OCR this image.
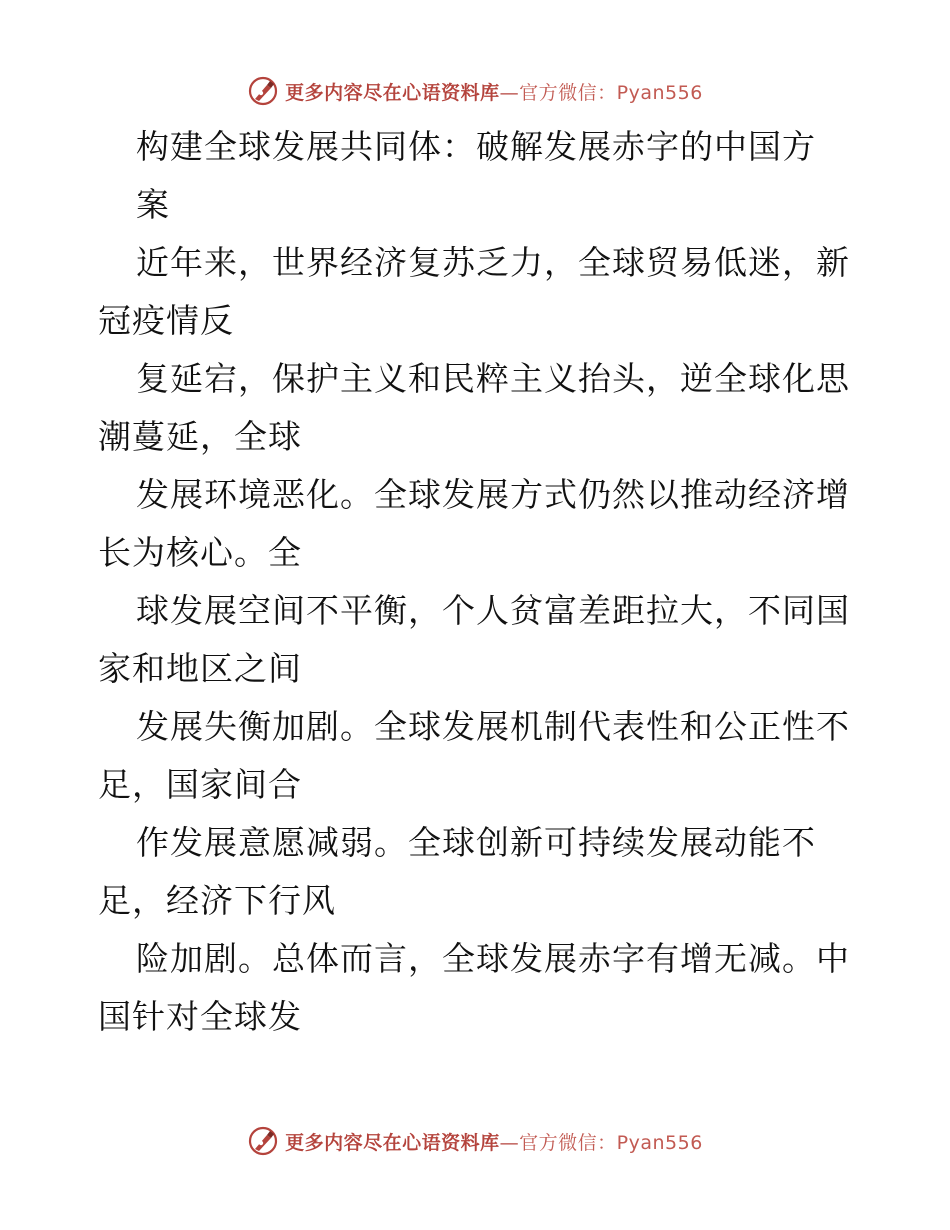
更多内容尽在心语资料库—官方微信：Pyan556
构建全球发展共同体：破解发展赤字的中国方
案
近年来，世界经济复苏乏力，全球贸易低迷，新
冠疫情反
复延宕，保护主义和民粹主义抬头，逆全球化思
潮蔓延，全球
发展环境恶化。全球发展方式仍然以推动经济增
长为核心。全
球发展空间不平衡，个人贫富差距拉大，不同国
家和地区之间
发展失衡加剧。全球发展机制代表性和公正性不
足，国家间合
作发展意愿减弱。全球创新可持续发展动能不
足，经济下行风
险加剧。总体而言，全球发展赤字有增无减。中
国针对全球发
更多内容尽在心语资料库—官方微信：Pyan556
